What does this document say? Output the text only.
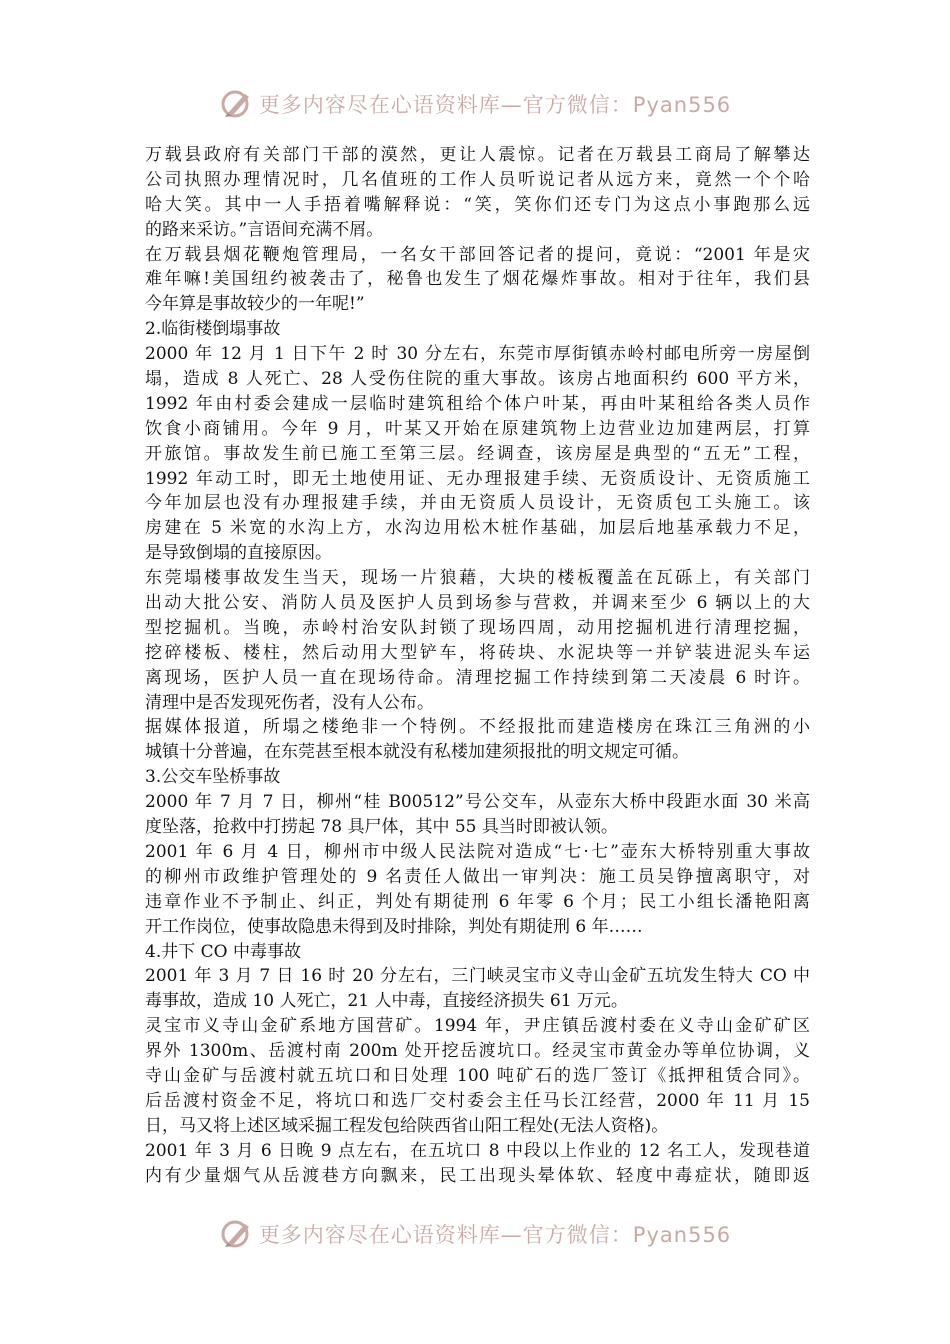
更多内容尽在心语资料库—官方微信：Pyan556
万载县政府有关部门干部的漠然，更让人震惊。记者在万载县工商局了解攀达
公司执照办理情况时，几名值班的工作人员听说记者从远方来，竟然一个个哈
哈大笑。其中一人手捂着嘴解释说：“笑，笑你们还专门为这点小事跑那么远
的路来采访。”言语间充满不屑。
在万载县烟花鞭炮管理局，一名女干部回答记者的提问，竟说：“2001 年是灾
难年嘛!美国纽约被袭击了，秘鲁也发生了烟花爆炸事故。相对于往年，我们县
今年算是事故较少的一年呢!”
2.临街楼倒塌事故
2000 年 12 月 1 日下午 2 时 30 分左右，东莞市厚街镇赤岭村邮电所旁一房屋倒
塌，造成 8 人死亡、28 人受伤住院的重大事故。该房占地面积约 600 平方米，
1992 年由村委会建成一层临时建筑租给个体户叶某，再由叶某租给各类人员作
饮食小商铺用。今年 9 月，叶某又开始在原建筑物上边营业边加建两层，打算
开旅馆。事故发生前已施工至第三层。经调查，该房屋是典型的“五无”工程，
1992 年动工时，即无土地使用证、无办理报建手续、无资质设计、无资质施工
今年加层也没有办理报建手续，并由无资质人员设计，无资质包工头施工。该
房建在 5 米宽的水沟上方，水沟边用松木桩作基础，加层后地基承载力不足，
是导致倒塌的直接原因。
东莞塌楼事故发生当天，现场一片狼藉，大块的楼板覆盖在瓦砾上，有关部门
出动大批公安、消防人员及医护人员到场参与营救，并调来至少 6 辆以上的大
型挖掘机。当晚，赤岭村治安队封锁了现场四周，动用挖掘机进行清理挖掘，
挖碎楼板、楼柱，然后动用大型铲车，将砖块、水泥块等一并铲装进泥头车运
离现场，医护人员一直在现场待命。清理挖掘工作持续到第二天凌晨 6 时许。
清理中是否发现死伤者，没有人公布。
据媒体报道，所塌之楼绝非一个特例。不经报批而建造楼房在珠江三角洲的小
城镇十分普遍，在东莞甚至根本就没有私楼加建须报批的明文规定可循。
3.公交车坠桥事故
2000 年 7 月 7 日，柳州“桂 B00512”号公交车，从壶东大桥中段距水面 30 米高
度坠落，抢救中打捞起 78 具尸体，其中 55 具当时即被认领。
2001 年 6 月 4 日，柳州市中级人民法院对造成“七·七”壶东大桥特别重大事故
的柳州市政维护管理处的 9 名责任人做出一审判决：施工员吴铮擅离职守，对
违章作业不予制止、纠正，判处有期徒刑 6 年零 6 个月；民工小组长潘艳阳离
开工作岗位，使事故隐患未得到及时排除，判处有期徒刑 6 年……
4.井下 CO 中毒事故
2001 年 3 月 7 日 16 时 20 分左右，三门峡灵宝市义寺山金矿五坑发生特大 CO 中
毒事故，造成 10 人死亡，21 人中毒，直接经济损失 61 万元。
灵宝市义寺山金矿系地方国营矿。1994 年，尹庄镇岳渡村委在义寺山金矿矿区
界外 1300m、岳渡村南 200m 处开挖岳渡坑口。经灵宝市黄金办等单位协调，义
寺山金矿与岳渡村就五坑口和日处理 100 吨矿石的选厂签订《抵押租赁合同》。
后岳渡村资金不足，将坑口和选厂交村委会主任马长江经营，2000 年 11 月 15
日，马又将上述区域采掘工程发包给陕西省山阳工程处(无法人资格)。
2001 年 3 月 6 日晚 9 点左右，在五坑口 8 中段以上作业的 12 名工人，发现巷道
内有少量烟气从岳渡巷方向飘来，民工出现头晕体软、轻度中毒症状，随即返
更多内容尽在心语资料库—官方微信：Pyan556
